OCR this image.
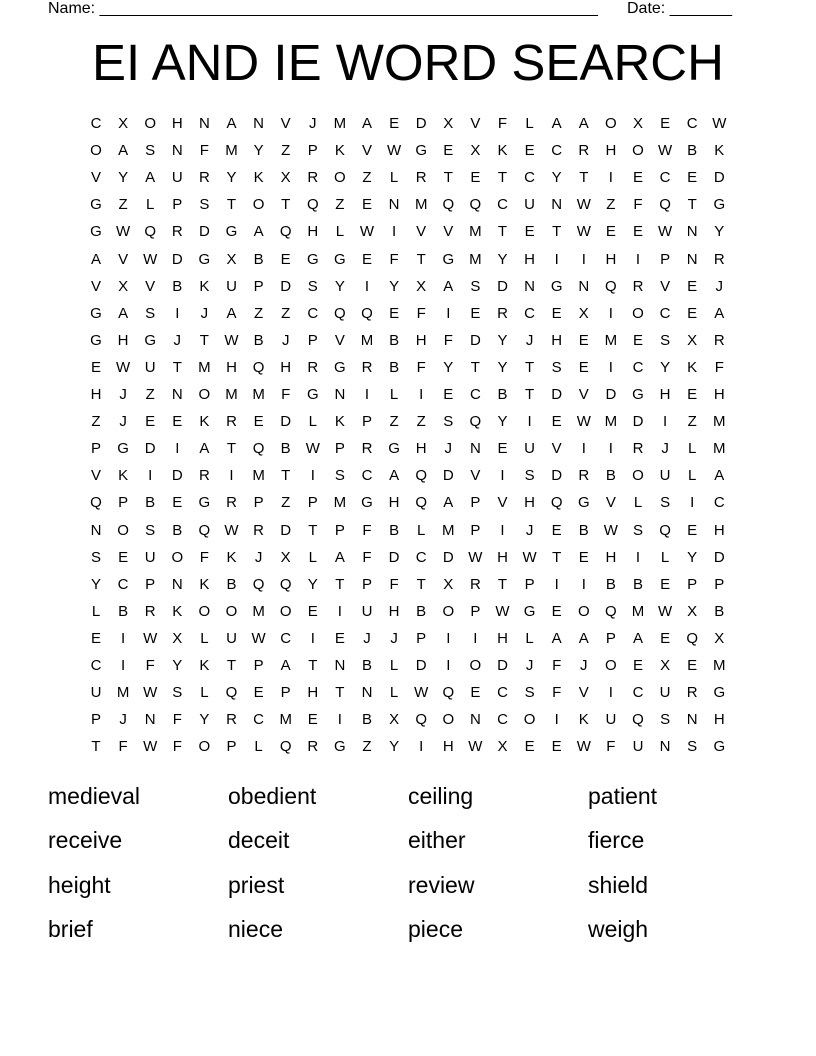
Name: ________________________________________________________ Date: _______
EI AND IE WORD SEARCH
C	X	O	H	N	A	N	V	J	M	A	E	D	X	V	F	L	A	A	O	X	E	C W
O	A	S	N	F	M	Y	Z	P	K	V	W G	E	X	K	E	C	R	H	O W	B	K
V	Y	A	U	R	Y	K	X	R	O	Z	L	R	T	E	T	C	Y	T	I	E	C	E	D
G	Z	L	P	S	T	O	T	Q	Z	E	N	M	Q	Q	C	U	N W	Z	F	Q	T	G
G W Q	R	D	G	A	Q	H	L	W	I	V	V	M	T	E	T	W	E	E	W N	Y
A	V	W D	G	X	B	E	G	G	E	F	T	G	M	Y	H	I	I	H	I	P	N	R
V	X	V	B	K	U	P	D	S	Y	I	Y	X	A	S	D	N	G	N	Q	R	V	E	J
G	A	S	I	J	A	Z	Z	C	Q	Q	E	F	I	E	R	C	E	X	I	O	C	E	A
G	H	G	J	T	W	B	J	P	V	M	B	H	F	D	Y	J	H	E	M	E	S	X	R
E	W U	T	M	H	Q	H	R	G	R	B	F	Y	T	Y	T	S	E	I	C	Y	K	F
H	J	Z	N	O	M M	F	G	N	I	L	I	E	C	B	T	D	V	D	G	H	E	H
Z	J	E	E	K	R	E	D	L	K	P	Z	Z	S	Q	Y	I	E	W M	D	I	Z	M
P	G	D	I	A	T	Q	B	W	P	R	G	H	J	N	E	U	V	I	I	R	J	L	M
V	K	I	D	R	I	M	T	I	S	C	A	Q	D	V	I	S	D	R	B	O	U	L	A
Q	P	B	E	G	R	P	Z	P	M	G	H	Q	A	P	V	H	Q	G	V	L	S	I	C
N	O	S	B	Q W R	D	T	P	F	B	L	M	P	I	J	E	B	W	S	Q	E	H
S	E	U	O	F	K	J	X	L	A	F	D	C	D W H W	T	E	H	I	L	Y	D
Y	C	P	N	K	B	Q	Q	Y	T	P	F	T	X	R	T	P	I	I	B	B	E	P	P
L	B	R	K	O	O	M	O	E	I	U	H	B	O	P	W G	E	O	Q	M W	X	B
E	I	W	X	L	U W C	I	E	J	J	P	I	I	H	L	A	A	P	A	E	Q	X
C	I	F	Y	K	T	P	A	T	N	B	L	D	I	O	D	J	F	J	O	E	X	E	M
U	M W	S	L	Q	E	P	H	T	N	L	W Q	E	C	S	F	V	I	C	U	R	G
P	J	N	F	Y	R	C	M	E	I	B	X	Q	O	N	C	O	I	K	U	Q	S	N	H
T	F	W	F	O	P	L	Q	R	G	Z	Y	I	H W	X	E	E	W	F	U	N	S	G
medieval	obedient	ceiling	patient
receive	deceit	either	fierce
height	priest	review	shield
brief	niece	piece	weigh
